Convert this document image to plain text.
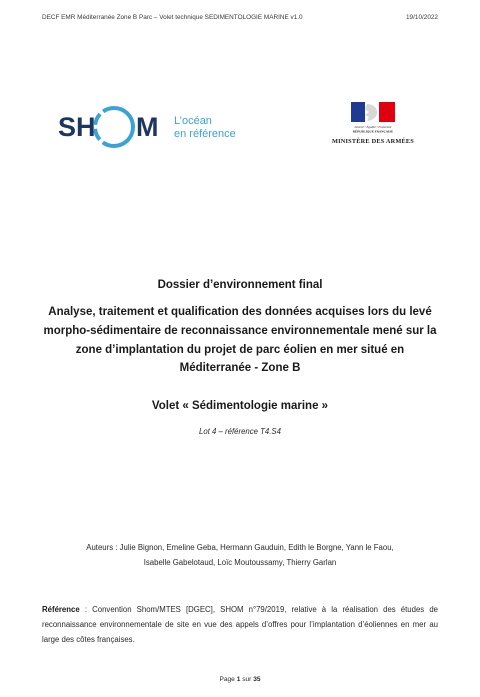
DECF EMR Méditerranée Zone B Parc – Volet technique SEDIMENTOLOGIE MARINE v1.0	19/10/2022
SH M L’océan
en référence
Liberté • Égalité • Fraternité
RÉPUBLIQUE FRANÇAISE
MINISTÈRE DES ARMÉES
Dossier d’environnement final
Analyse, traitement et qualification des données acquises lors du levé morpho-sédimentaire de reconnaissance environnementale mené sur la zone d’implantation du projet de parc éolien en mer situé en Méditerranée - Zone B
Volet « Sédimentologie marine »
Lot 4 – référence T4.S4
Auteurs : Julie Bignon, Emeline Geba, Hermann Gauduin, Edith le Borgne, Yann le Faou,
Isabelle Gabelotaud, Loïc Moutoussamy, Thierry Garlan
Référence : Convention Shom/MTES [DGEC], SHOM n°79/2019, relative à la réalisation des études de reconnaissance environnementale de site en vue des appels d’offres pour l’implantation d’éoliennes en mer au large des côtes françaises.
Page 1 sur 35
